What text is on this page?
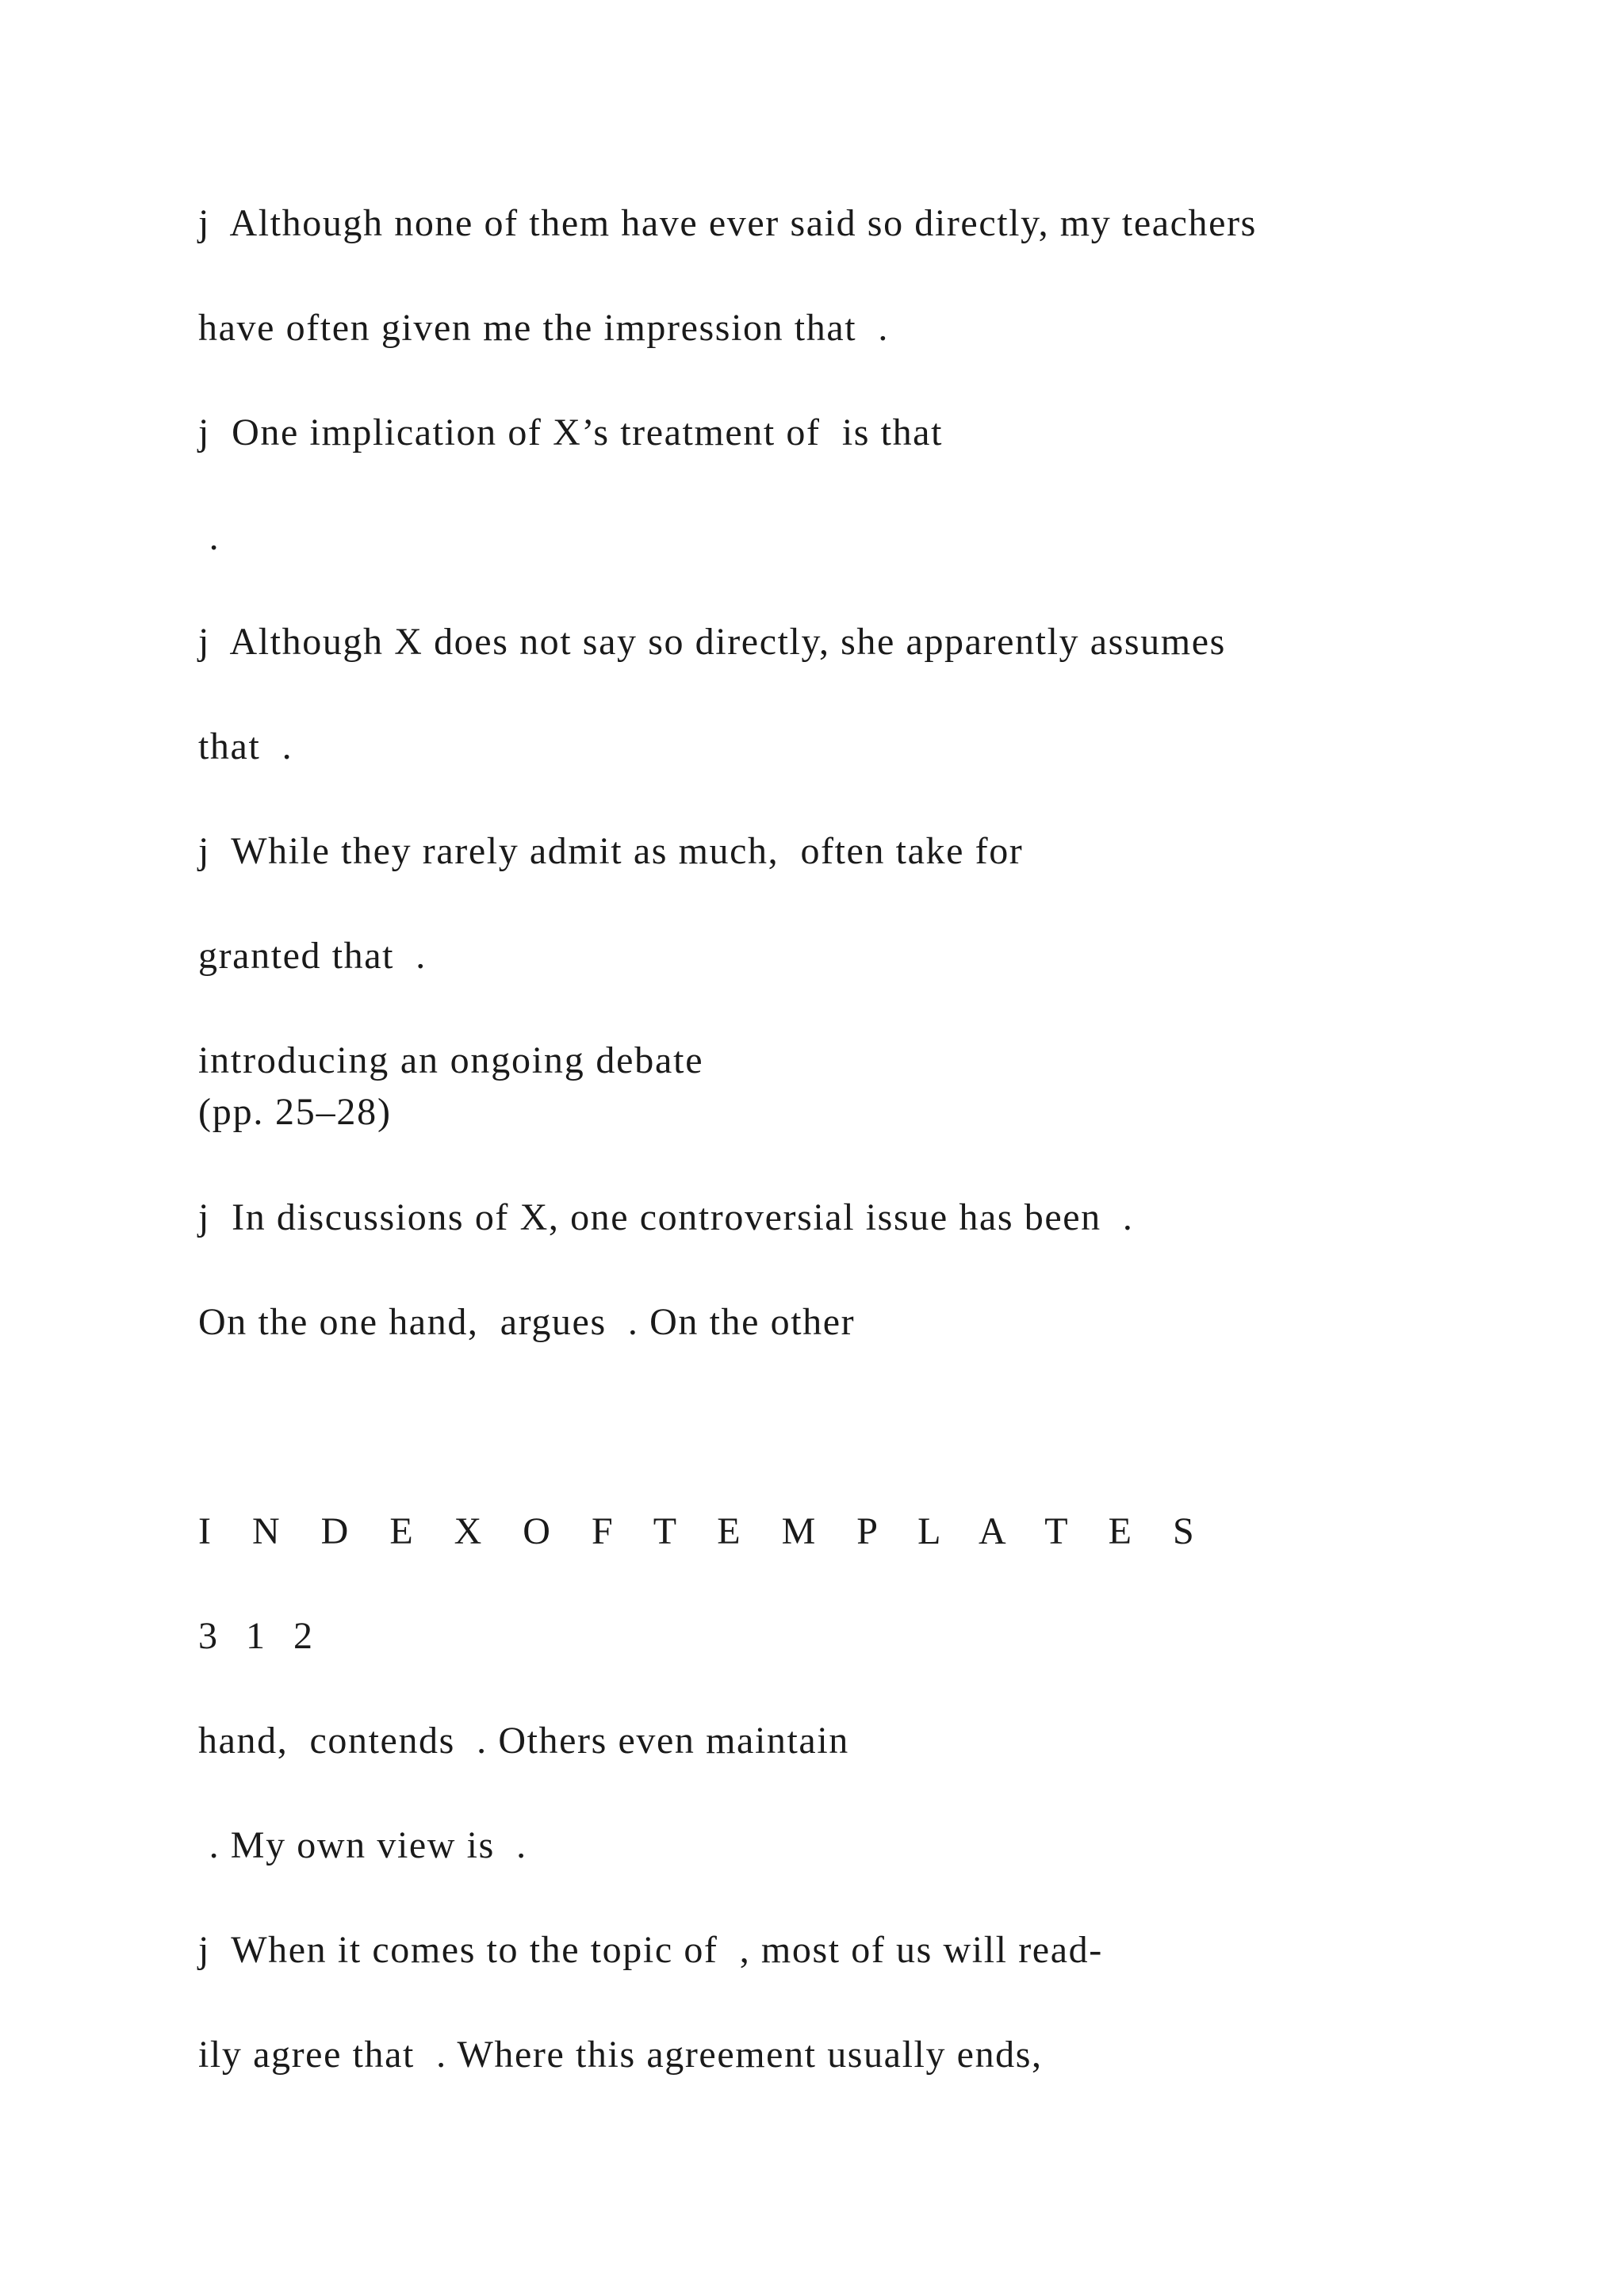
j  Although none of them have ever said so directly, my teachers
have often given me the impression that  .
j  One implication of X’s treatment of  is that
.
j  Although X does not say so directly, she apparently assumes
that  .
j  While they rarely admit as much,  often take for
granted that  .
introducing an ongoing debate
(pp. 25–28)
j  In discussions of X, one controversial issue has been  .
On the one hand,  argues  . On the other
I N D E X O F T E M P L A T E S
3 1 2
hand,  contends  . Others even maintain
. My own view is  .
j  When it comes to the topic of  , most of us will read-
ily agree that  . Where this agreement usually ends,
